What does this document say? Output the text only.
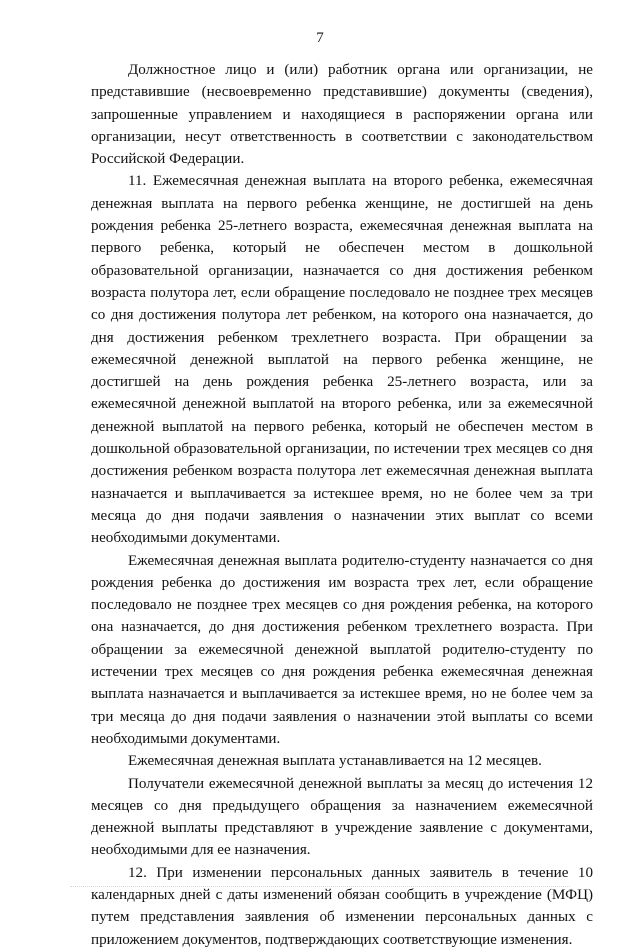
7

Должностное лицо и (или) работник органа или организации, не представившие (несвоевременно представившие) документы (сведения), запрошенные управлением и находящиеся в распоряжении органа или организации, несут ответственность в соответствии с законодательством Российской Федерации.

11. Ежемесячная денежная выплата на второго ребенка, ежемесячная денежная выплата на первого ребенка женщине, не достигшей на день рождения ребенка 25-летнего возраста, ежемесячная денежная выплата на первого ребенка, который не обеспечен местом в дошкольной образовательной организации, назначается со дня достижения ребенком возраста полутора лет, если обращение последовало не позднее трех месяцев со дня достижения полутора лет ребенком, на которого она назначается, до дня достижения ребенком трехлетнего возраста. При обращении за ежемесячной денежной выплатой на первого ребенка женщине, не достигшей на день рождения ребенка 25-летнего возраста, или за ежемесячной денежной выплатой на второго ребенка, или за ежемесячной денежной выплатой на первого ребенка, который не обеспечен местом в дошкольной образовательной организации, по истечении трех месяцев со дня достижения ребенком возраста полутора лет ежемесячная денежная выплата назначается и выплачивается за истекшее время, но не более чем за три месяца до дня подачи заявления о назначении этих выплат со всеми необходимыми документами.

Ежемесячная денежная выплата родителю-студенту назначается со дня рождения ребенка до достижения им возраста трех лет, если обращение последовало не позднее трех месяцев со дня рождения ребенка, на которого она назначается, до дня достижения ребенком трехлетнего возраста. При обращении за ежемесячной денежной выплатой родителю-студенту по истечении трех месяцев со дня рождения ребенка ежемесячная денежная выплата назначается и выплачивается за истекшее время, но не более чем за три месяца до дня подачи заявления о назначении этой выплаты со всеми необходимыми документами.

Ежемесячная денежная выплата устанавливается на 12 месяцев.

Получатели ежемесячной денежной выплаты за месяц до истечения 12 месяцев со дня предыдущего обращения за назначением ежемесячной денежной выплаты представляют в учреждение заявление с документами, необходимыми для ее назначения.

12. При изменении персональных данных заявитель в течение 10 календарных дней с даты изменений обязан сообщить в учреждение (МФЦ) путем представления заявления об изменении персональных данных с приложением документов, подтверждающих соответствующие изменения.
